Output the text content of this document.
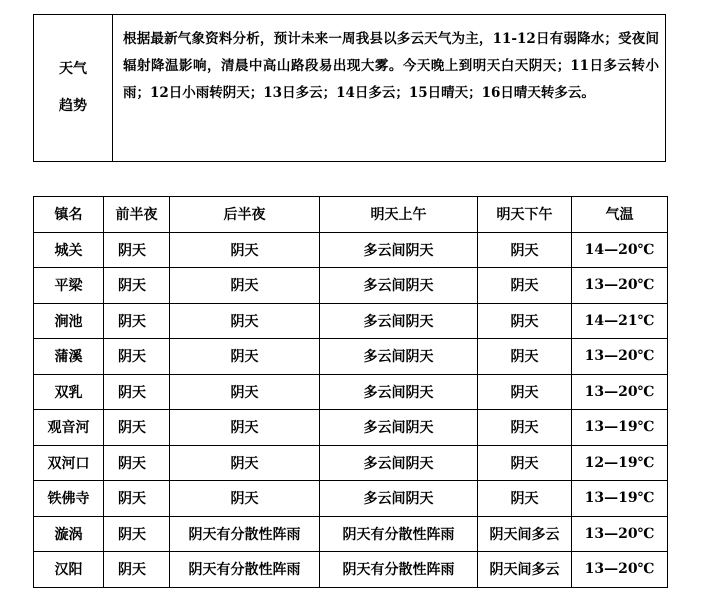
天气
趋势
	根据最新气象资料分析，预计未来一周我县以多云天气为主，11-12日有弱降水；受夜间辐射降温影响，清晨中高山路段易出现大雾。今天晚上到明天白天阴天；11日多云转小雨；12日小雨转阴天；13日多云；14日多云；15日晴天；16日晴天转多云。
镇名	前半夜	后半夜	明天上午	明天下午	气温
城关	阴天	阴天	多云间阴天	阴天	14—20℃
平梁	阴天	阴天	多云间阴天	阴天	13—20℃
涧池	阴天	阴天	多云间阴天	阴天	14—21℃
蒲溪	阴天	阴天	多云间阴天	阴天	13—20℃
双乳	阴天	阴天	多云间阴天	阴天	13—20℃
观音河	阴天	阴天	多云间阴天	阴天	13—19℃
双河口	阴天	阴天	多云间阴天	阴天	12—19℃
铁佛寺	阴天	阴天	多云间阴天	阴天	13—19℃
漩涡	阴天	阴天有分散性阵雨	阴天有分散性阵雨	阴天间多云	13—20℃
汉阳	阴天	阴天有分散性阵雨	阴天有分散性阵雨	阴天间多云	13—20℃
